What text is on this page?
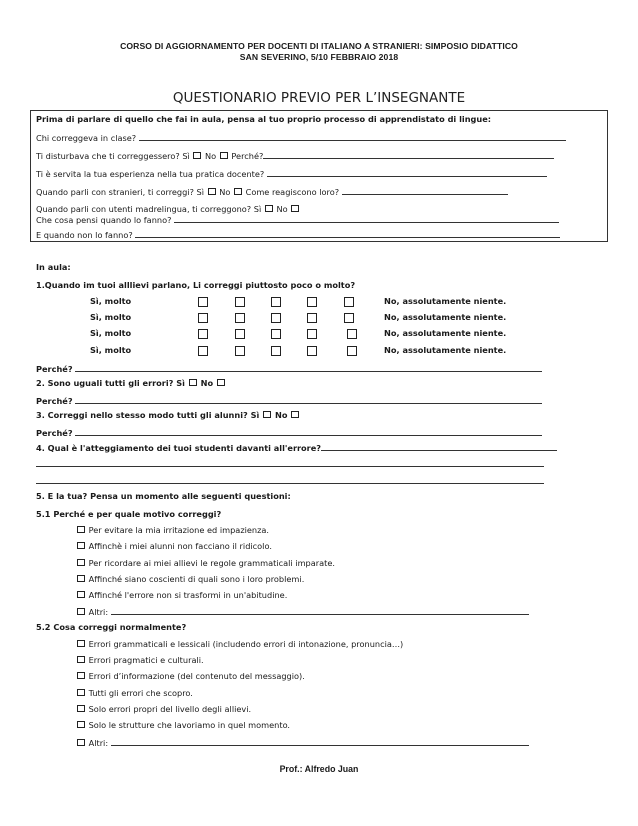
CORSO DI AGGIORNAMENTO PER DOCENTI DI ITALIANO A STRANIERI: SIMPOSIO DIDATTICO
SAN SEVERINO, 5/10 FEBBRAIO 2018
QUESTIONARIO PREVIO PER L’INSEGNANTE
Prima di parlare di quello che fai in aula, pensa al tuo proprio processo di apprendistato di lingue:
Chi correggeva in clase?
Ti disturbava che ti correggessero? Sì No Perché?
Ti è servita la tua esperienza nella tua pratica docente?
Quando parli con stranieri, ti correggi? Sì No Come reagiscono loro?
Quando parli con utenti madrelingua, ti correggono? Sì No
Che cosa pensi quando lo fanno?
E quando non lo fanno?
In aula:
1.Quando im tuoi alllievi parlano, Li correggi piuttosto poco o molto?
Sì, molto
Sì, molto
Sì, molto
Sì, molto
No, assolutamente niente.
No, assolutamente niente.
No, assolutamente niente.
No, assolutamente niente.
Perché?
2. Sono uguali tutti gli errori? Sì No
Perché?
3. Correggi nello stesso modo tutti gli alunni? Sì No
Perché?
4. Qual è l'atteggiamento dei tuoi studenti davanti all'errore?
5. E la tua? Pensa un momento alle seguenti questioni:
5.1 Perché e per quale motivo correggi?
Per evitare la mia irritazione ed impazienza.
Affinchè i miei alunni non facciano il ridicolo.
Per ricordare ai miei allievi le regole grammaticali imparate.
Affinché siano coscienti di quali sono i loro problemi.
Affinché l'errore non si trasformi in un'abitudine.
Altri:
5.2 Cosa correggi normalmente?
Errori grammaticali e lessicali (includendo errori di intonazione, pronuncia…)
Errori pragmatici e culturali.
Errori d’informazione (del contenuto del messaggio).
Tutti gli errori che scopro.
Solo errori propri del livello degli allievi.
Solo le strutture che lavoriamo in quel momento.
Altri:
Prof.: Alfredo Juan
